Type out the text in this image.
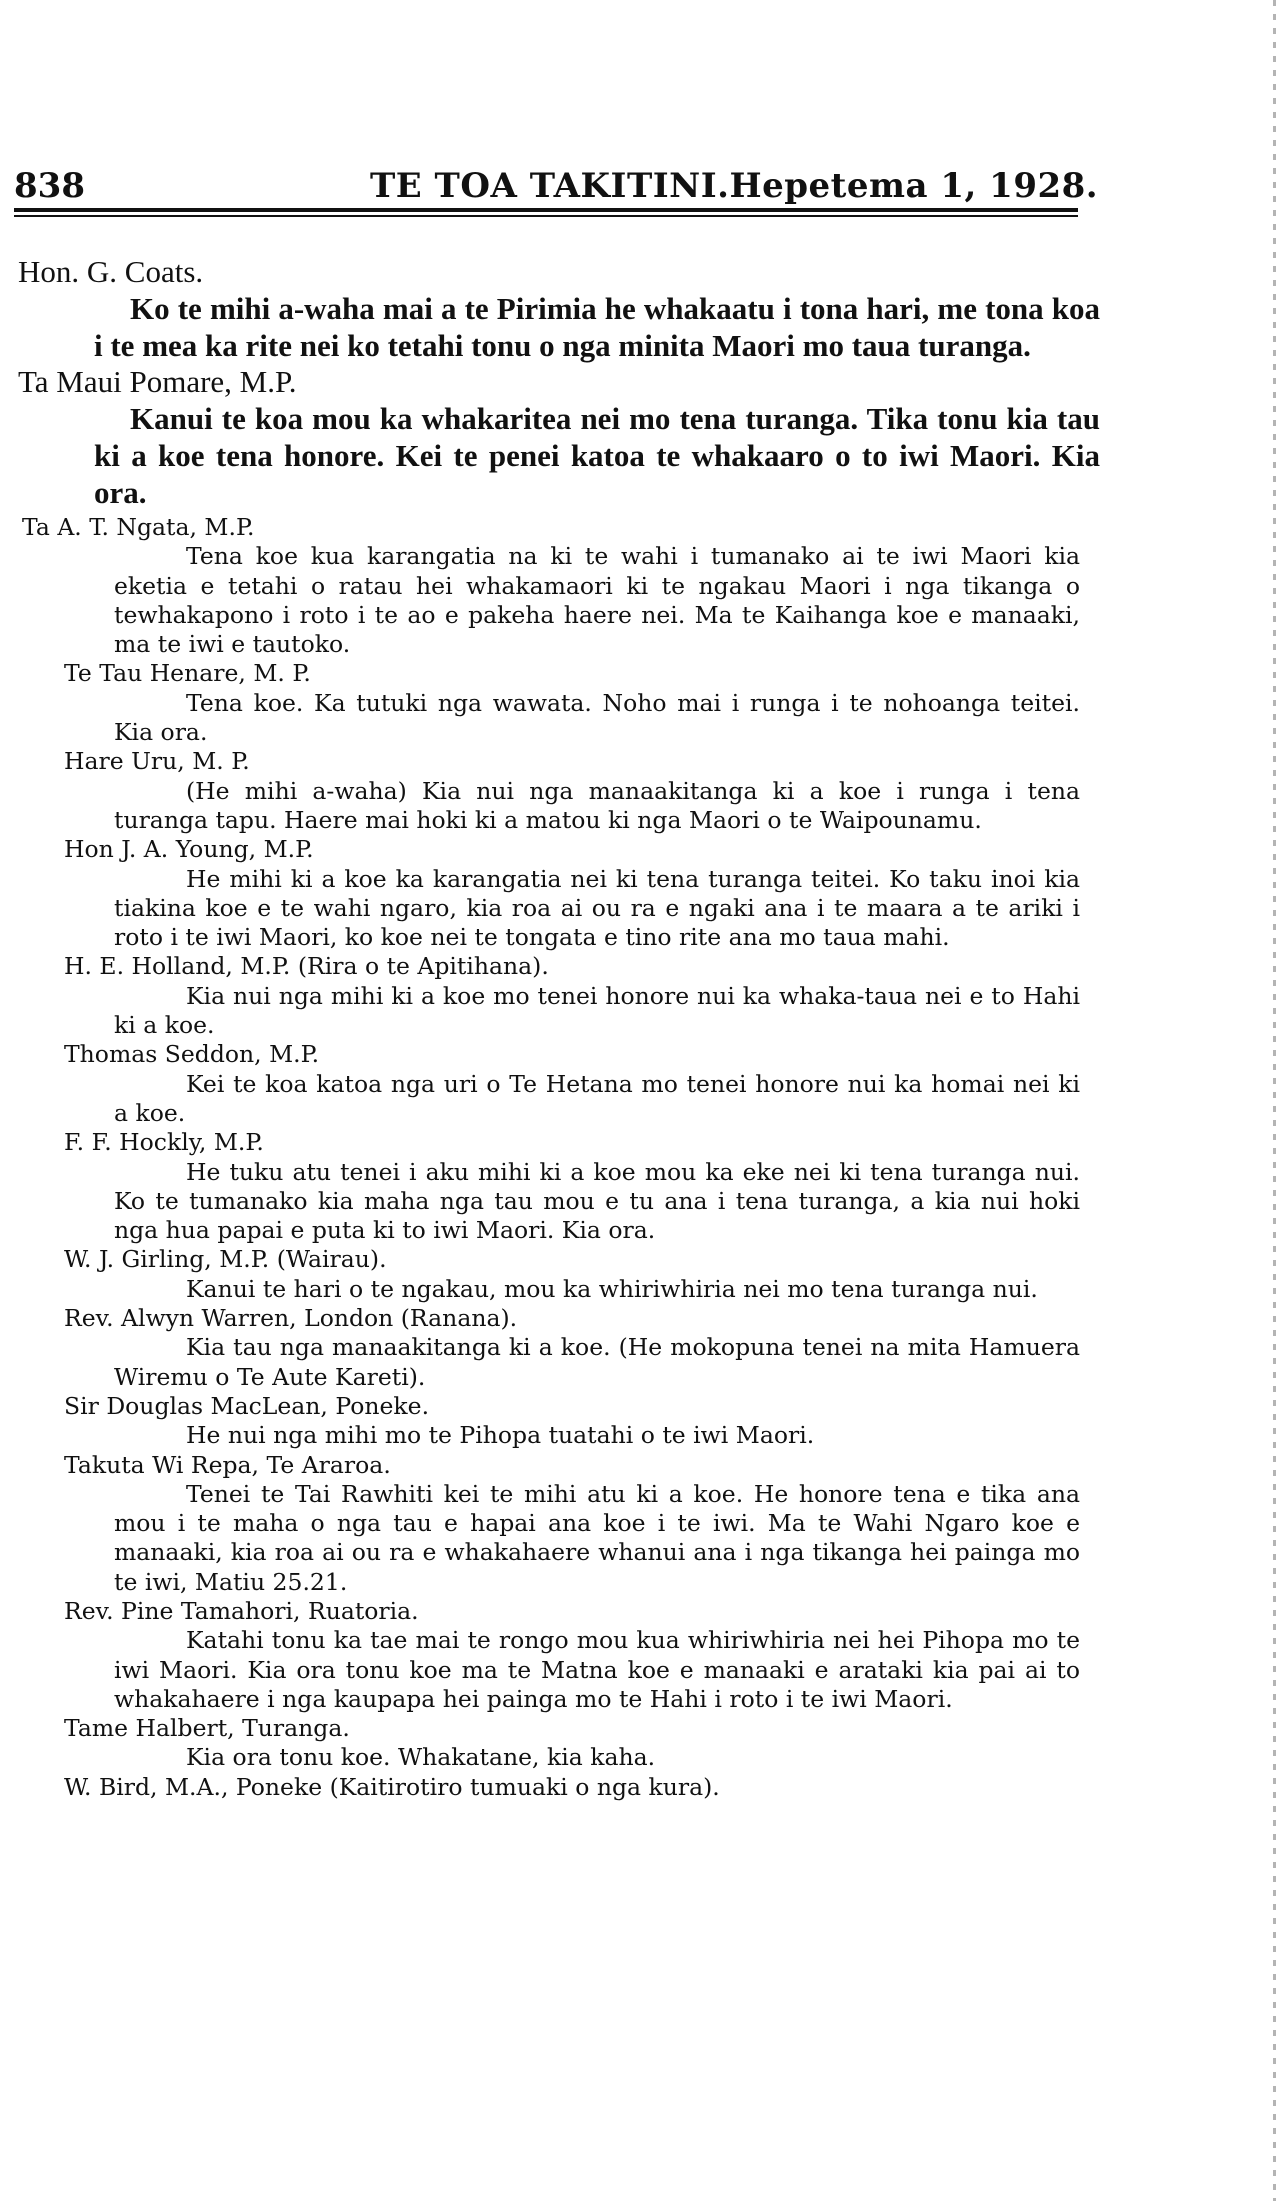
838	TE TOA TAKITINI.Hepetema 1, 1928.

Hon. G. Coats.

Ko te mihi a-waha mai a te Pirimia he whakaatu i tona hari, me tona koa i te mea ka rite nei ko tetahi tonu o nga minita Maori mo taua turanga.

Ta Maui Pomare, M.P.

Kanui te koa mou ka whakaritea nei mo tena turanga. Tika tonu kia tau ki a koe tena honore. Kei te penei katoa te whakaaro o to iwi Maori. Kia ora.

Ta A. T. Ngata, M.P.

Tena koe kua karangatia na ki te wahi i tumanako ai te iwi Maori kia eketia e tetahi o ratau hei whakamaori ki te ngakau Maori i nga tikanga o tewhakapono i roto i te ao e pakeha haere nei. Ma te Kaihanga koe e manaaki, ma te iwi e tautoko.

Te Tau Henare, M. P.

Tena koe. Ka tutuki nga wawata. Noho mai i runga i te nohoanga teitei. Kia ora.

Hare Uru, M. P.

(He mihi a-waha) Kia nui nga manaakitanga ki a koe i runga i tena turanga tapu. Haere mai hoki ki a matou ki nga Maori o te Waipounamu.

Hon J. A. Young, M.P.

He mihi ki a koe ka karangatia nei ki tena turanga teitei. Ko taku inoi kia tiakina koe e te wahi ngaro, kia roa ai ou ra e ngaki ana i te maara a te ariki i roto i te iwi Maori, ko koe nei te tongata e tino rite ana mo taua mahi.

H. E. Holland, M.P. (Rira o te Apitihana).

Kia nui nga mihi ki a koe mo tenei honore nui ka whaka-taua nei e to Hahi ki a koe.

Thomas Seddon, M.P.

Kei te koa katoa nga uri o Te Hetana mo tenei honore nui ka homai nei ki a koe.

F. F. Hockly, M.P.

He tuku atu tenei i aku mihi ki a koe mou ka eke nei ki tena turanga nui. Ko te tumanako kia maha nga tau mou e tu ana i tena turanga, a kia nui hoki nga hua papai e puta ki to iwi Maori. Kia ora.

W. J. Girling, M.P. (Wairau).

Kanui te hari o te ngakau, mou ka whiriwhiria nei mo tena turanga nui.

Rev. Alwyn Warren, London (Ranana).

Kia tau nga manaakitanga ki a koe. (He mokopuna tenei na mita Hamuera Wiremu o Te Aute Kareti).

Sir Douglas MacLean, Poneke.

He nui nga mihi mo te Pihopa tuatahi o te iwi Maori.

Takuta Wi Repa, Te Araroa.

Tenei te Tai Rawhiti kei te mihi atu ki a koe. He honore tena e tika ana mou i te maha o nga tau e hapai ana koe i te iwi. Ma te Wahi Ngaro koe e manaaki, kia roa ai ou ra e whakahaere whanui ana i nga tikanga hei painga mo te iwi, Matiu 25.21.

Rev. Pine Tamahori, Ruatoria.

Katahi tonu ka tae mai te rongo mou kua whiriwhiria nei hei Pihopa mo te iwi Maori. Kia ora tonu koe ma te Matna koe e manaaki e arataki kia pai ai to whakahaere i nga kaupapa hei painga mo te Hahi i roto i te iwi Maori.

Tame Halbert, Turanga.

Kia ora tonu koe. Whakatane, kia kaha.

W. Bird, M.A., Poneke (Kaitirotiro tumuaki o nga kura).
